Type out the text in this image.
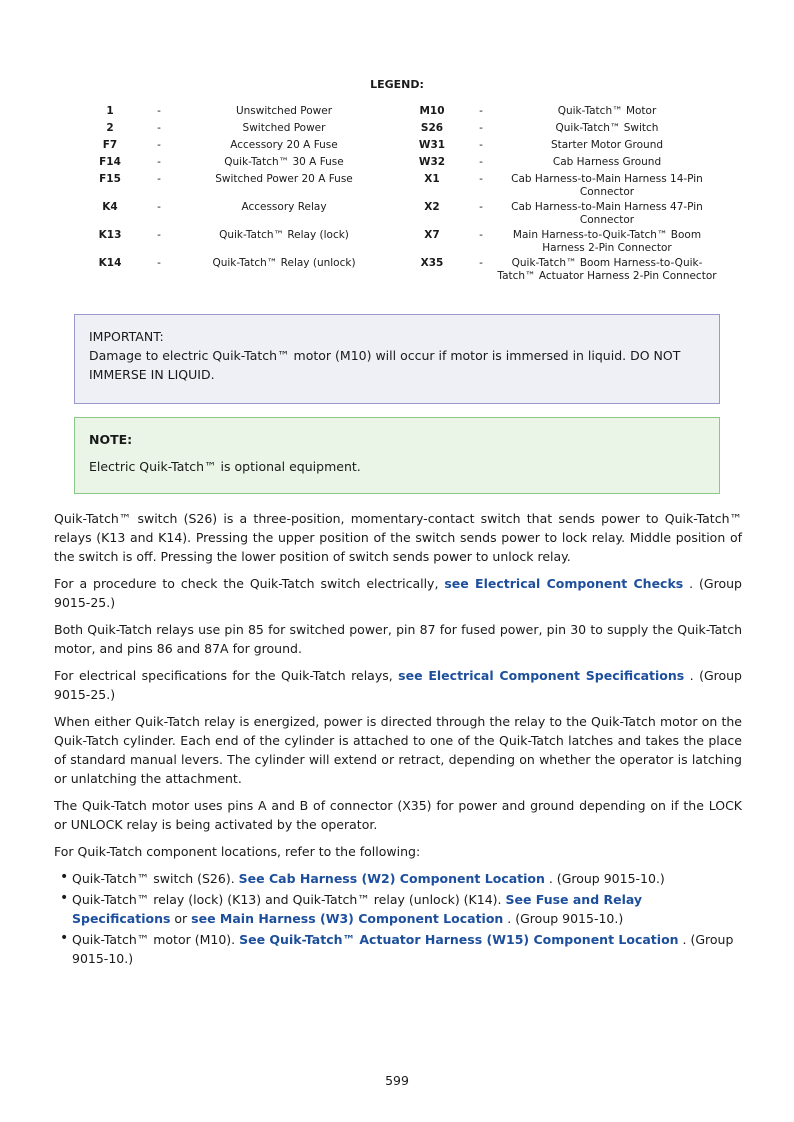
LEGEND:
1	-	Unswitched Power	M10	-	Quik-Tatch™ Motor
2	-	Switched Power	S26	-	Quik-Tatch™ Switch
F7	-	Accessory 20 A Fuse	W31	-	Starter Motor Ground
F14	-	Quik-Tatch™ 30 A Fuse	W32	-	Cab Harness Ground
F15	-	Switched Power 20 A Fuse	X1	-	Cab Harness-to-Main Harness 14-Pin Connector
K4	-	Accessory Relay	X2	-	Cab Harness-to-Main Harness 47-Pin Connector
K13	-	Quik-Tatch™ Relay (lock)	X7	-	Main Harness-to-Quik-Tatch™ Boom Harness 2-Pin Connector
K14	-	Quik-Tatch™ Relay (unlock)	X35	-	Quik-Tatch™ Boom Harness-to-Quik-Tatch™ Actuator Harness 2-Pin Connector
IMPORTANT:
Damage to electric Quik-Tatch™ motor (M10) will occur if motor is immersed in liquid. DO NOT IMMERSE IN LIQUID.
NOTE:
Electric Quik-Tatch™ is optional equipment.

Quik-Tatch™ switch (S26) is a three-position, momentary-contact switch that sends power to Quik-Tatch™ relays (K13 and K14). Pressing the upper position of the switch sends power to lock relay. Middle position of the switch is off. Pressing the lower position of switch sends power to unlock relay.

For a procedure to check the Quik-Tatch switch electrically, see Electrical Component Checks . (Group 9015-25.)

Both Quik-Tatch relays use pin 85 for switched power, pin 87 for fused power, pin 30 to supply the Quik-Tatch motor, and pins 86 and 87A for ground.

For electrical specifications for the Quik-Tatch relays, see Electrical Component Specifications . (Group 9015-25.)

When either Quik-Tatch relay is energized, power is directed through the relay to the Quik-Tatch motor on the Quik-Tatch cylinder. Each end of the cylinder is attached to one of the Quik-Tatch latches and takes the place of standard manual levers. The cylinder will extend or retract, depending on whether the operator is latching or unlatching the attachment.

The Quik-Tatch motor uses pins A and B of connector (X35) for power and ground depending on if the LOCK or UNLOCK relay is being activated by the operator.

For Quik-Tatch component locations, refer to the following:

• Quik-Tatch™ switch (S26). See Cab Harness (W2) Component Location . (Group 9015-10.)
• Quik-Tatch™ relay (lock) (K13) and Quik-Tatch™ relay (unlock) (K14). See Fuse and Relay Specifications or see Main Harness (W3) Component Location . (Group 9015-10.)
• Quik-Tatch™ motor (M10). See Quik-Tatch™ Actuator Harness (W15) Component Location . (Group 9015-10.)
599
